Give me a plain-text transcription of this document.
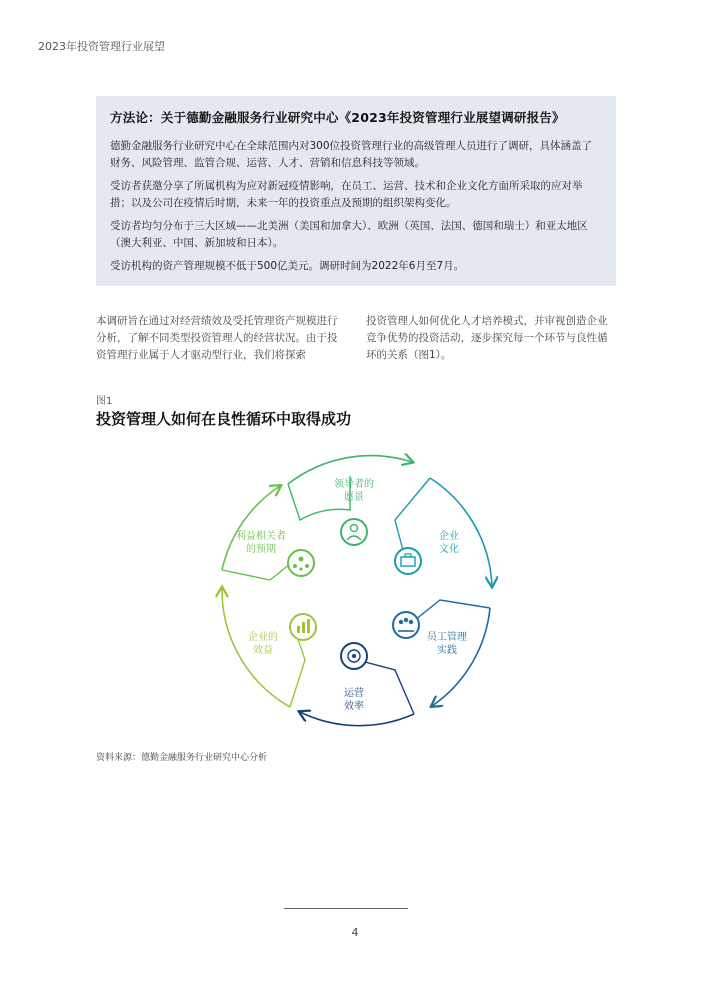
2023年投资管理行业展望
方法论：关于德勤金融服务行业研究中心《2023年投资管理行业展望调研报告》

德勤金融服务行业研究中心在全球范围内对300位投资管理行业的高级管理人员进行了调研，具体涵盖了财务、风险管理、监管合规、运营、人才、营销和信息科技等领域。

受访者获邀分享了所属机构为应对新冠疫情影响，在员工、运营、技术和企业文化方面所采取的应对举措；以及公司在疫情后时期，未来一年的投资重点及预期的组织架构变化。

受访者均匀分布于三大区域——北美洲（美国和加拿大）、欧洲（英国、法国、德国和瑞士）和亚太地区（澳大利亚、中国、新加坡和日本）。

受访机构的资产管理规模不低于500亿美元。调研时间为2022年6月至7月。

本调研旨在通过对经营绩效及受托管理资产规模进行分析，了解不同类型投资管理人的经营状况。由于投资管理行业属于人才驱动型行业，我们将探索
投资管理人如何优化人才培养模式，并审视创造企业竞争优势的投资活动，逐步探究每一个环节与良性循环的关系（图1）。
图1
投资管理人如何在良性循环中取得成功
领导者的
愿景
企业
文化
员工管理
实践
运营
效率
企业的
效益
利益相关者
的预期
资料来源：德勤金融服务行业研究中心分析
4
